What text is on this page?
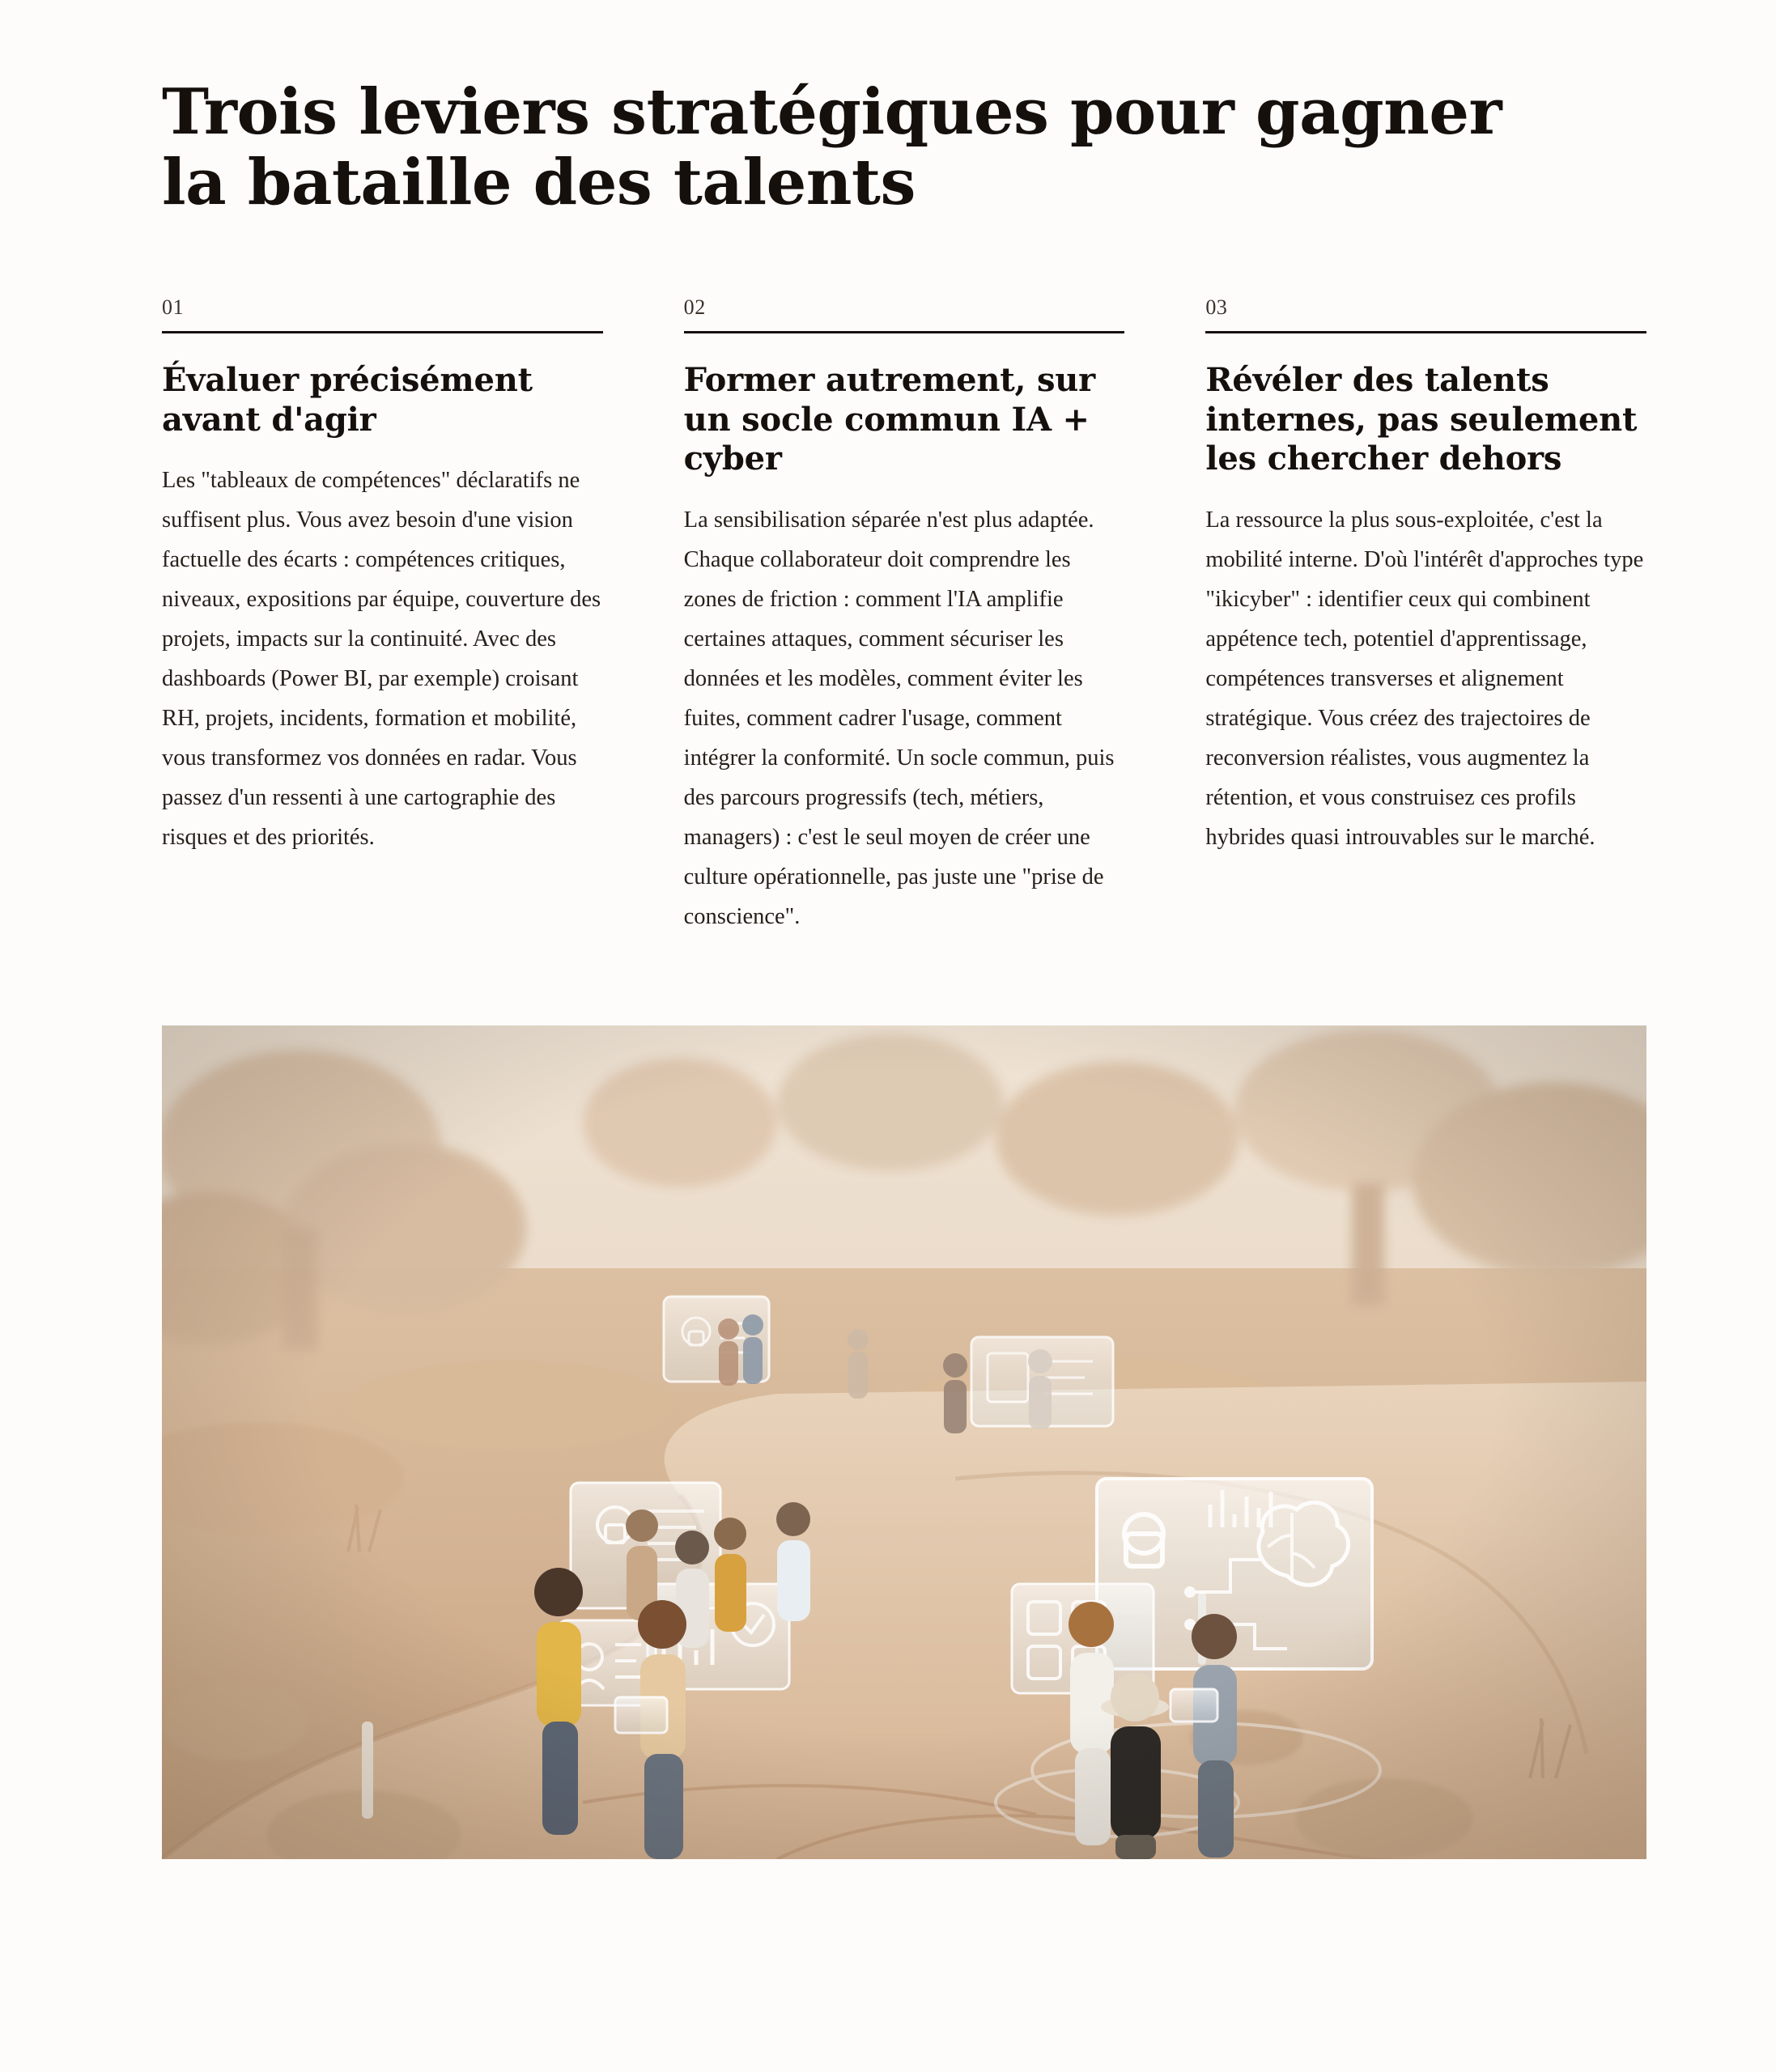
Trois leviers stratégiques pour gagner la bataille des talents
01
Évaluer précisément avant d'agir

Les "tableaux de compétences" déclaratifs ne suffisent plus. Vous avez besoin d'une vision factuelle des écarts : compétences critiques, niveaux, expositions par équipe, couverture des projets, impacts sur la continuité. Avec des dashboards (Power BI, par exemple) croisant RH, projets, incidents, formation et mobilité, vous transformez vos données en radar. Vous passez d'un ressenti à une cartographie des risques et des priorités.

02
Former autrement, sur un socle commun IA + cyber

La sensibilisation séparée n'est plus adaptée. Chaque collaborateur doit comprendre les zones de friction : comment l'IA amplifie certaines attaques, comment sécuriser les données et les modèles, comment éviter les fuites, comment cadrer l'usage, comment intégrer la conformité. Un socle commun, puis des parcours progressifs (tech, métiers, managers) : c'est le seul moyen de créer une culture opérationnelle, pas juste une "prise de conscience".

03
Révéler des talents internes, pas seulement les chercher dehors

La ressource la plus sous-exploitée, c'est la mobilité interne. D'où l'intérêt d'approches type "ikicyber" : identifier ceux qui combinent appétence tech, potentiel d'apprentissage, compétences transverses et alignement stratégique. Vous créez des trajectoires de reconversion réalistes, vous augmentez la rétention, et vous construisez ces profils hybrides quasi introuvables sur le marché.
